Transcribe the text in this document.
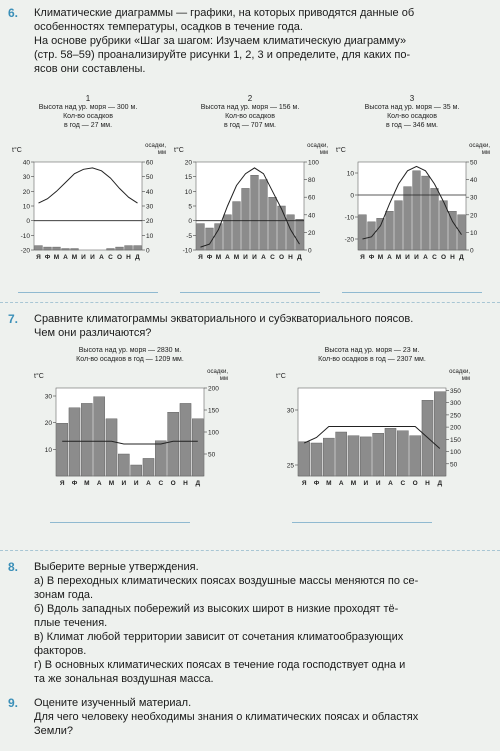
6. Климатические диаграммы — графики, на которых приводятся данные об

особенностях температуры, осадков в течение года.

На основе рубрики «Шаг за шагом: Изучаем климатическую диаграмму»

(стр. 58–59) проанализируйте рисунки 1, 2, 3 и определите, для каких по-

ясов они составлены.

1
Высота над ур. моря — 300 м.
Кол-во осадков
в год — 27 мм.
t°C
осадки,
мм
40
30
20
10
0
-10
-20
60
50
40
30
20
10
0
Я Ф М А М И И А С О Н Д
2
Высота над ур. моря — 156 м.
Кол-во осадков
в год — 707 мм.
t°C
осадки,
мм
20
15
10
5
0
-5
-10
100
80
60
40
20
0
Я Ф М А М И И А С О Н Д
3
Высота над ур. моря — 35 м.
Кол-во осадков
в год — 346 мм.
t°C
осадки,
мм
10
0
-10
-20
50
40
30
20
10
0
Я Ф М А М И И А С О Н Д
7. Сравните климатограммы экваториального и субэкваториального поясов.

Чем они различаются?

Высота над ур. моря — 2830 м.
Кол-во осадков в год — 1209 мм.
t°C
осадки,
мм
30
20
10
200
150
100
50
Я Ф М А М И И А С О Н Д
Высота над ур. моря — 23 м.
Кол-во осадков в год — 2307 мм.
t°C
осадки,
мм
30
25
350
300
250
200
150
100
50
Я Ф М А М И И А С О Н Д
8. Выберите верные утверждения.

а) В переходных климатических поясах воздушные массы меняются по се-

зонам года.

б) Вдоль западных побережий из высоких широт в низкие проходят тё-

плые течения.

в) Климат любой территории зависит от сочетания климатообразующих

факторов.

г) В основных климатических поясах в течение года господствует одна и

та же зональная воздушная масса.

9. Оцените изученный материал.

Для чего человеку необходимы знания о климатических поясах и областях

Земли?
